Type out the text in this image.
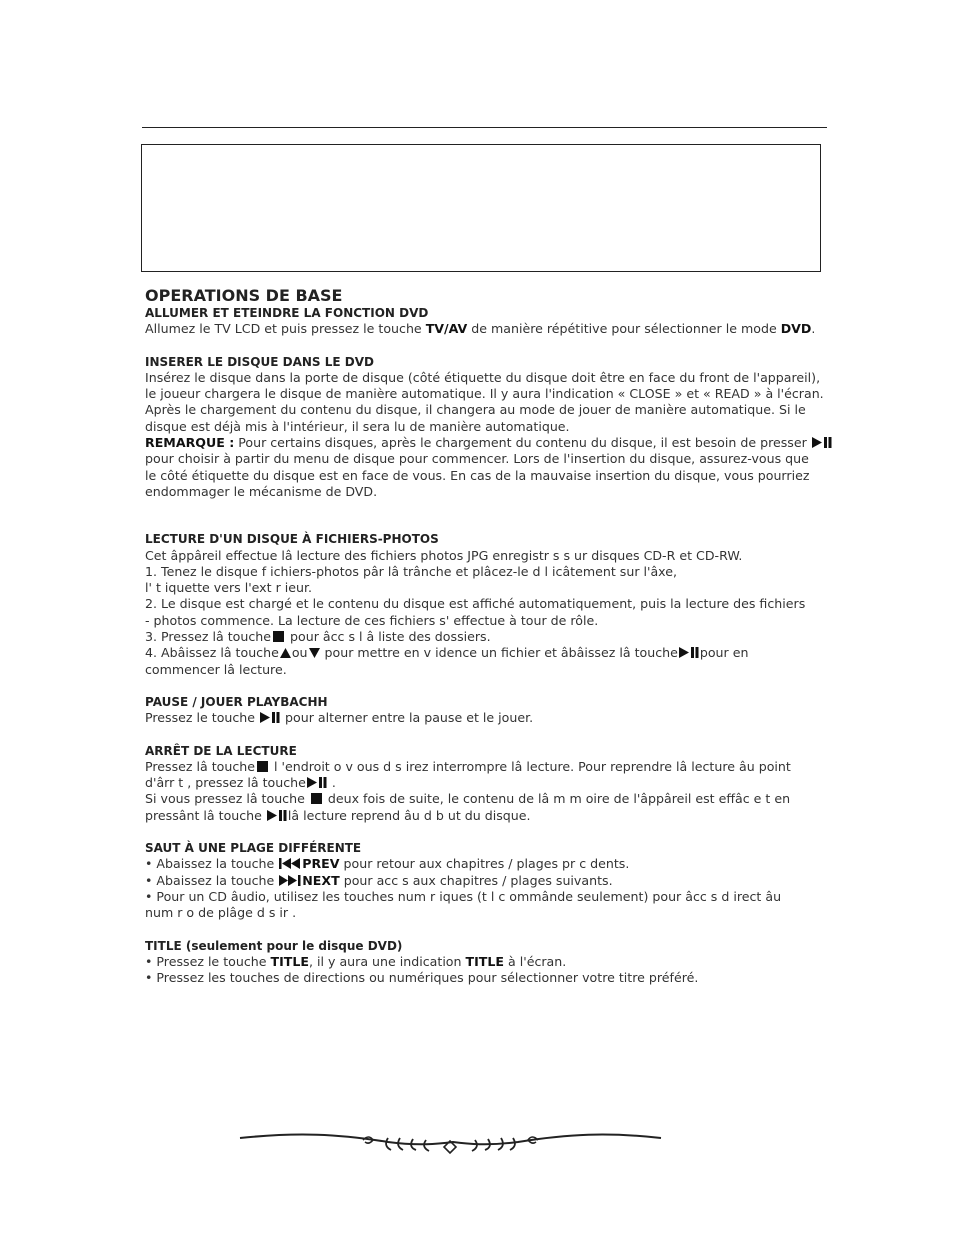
OPERATIONS DE BASE

ALLUMER ET ETEINDRE LA FONCTION DVD

Allumez le TV LCD et puis pressez le touche TV/AV de manière répétitive pour sélectionner le mode DVD.

INSERER LE DISQUE DANS LE DVD

Insérez le disque dans la porte de disque (côté étiquette du disque doit être en face du front de l'appareil),

le joueur chargera le disque de manière automatique. Il y aura l'indication « CLOSE » et « READ » à l'écran.

Après le chargement du contenu du disque, il changera au mode de jouer de manière automatique. Si le

disque est déjà mis à l'intérieur, il sera lu de manière automatique.

REMARQUE : Pour certains disques, après le chargement du contenu du disque, il est besoin de presser

pour choisir à partir du menu de disque pour commencer. Lors de l'insertion du disque, assurez-vous que

le côté étiquette du disque est en face de vous. En cas de la mauvaise insertion du disque, vous pourriez

endommager le mécanisme de DVD.

LECTURE D'UN DISQUE À FICHIERS-PHOTOS

Cet âppâreil effectue lâ lecture des fichiers photos JPG enregistr s s ur disques CD-R et CD-RW.

1. Tenez le disque f ichiers-photos pâr lâ trânche et plâcez-le d l icâtement sur l'âxe,

l' t iquette vers l'ext r ieur.

2. Le disque est chargé et le contenu du disque est affiché automatiquement, puis la lecture des fichiers

- photos commence. La lecture de ces fichiers s' effectue à tour de rôle.

3. Pressez lâ touche pour âcc s l â liste des dossiers.

4. Abâissez lâ touche ou pour mettre en v idence un fichier et âbâissez lâ touche pour en

commencer lâ lecture.

PAUSE / JOUER PLAYBACHH

Pressez le touche  pour alterner entre la pause et le jouer.

ARRÊT DE LA LECTURE

Pressez lâ touche l 'endroit o v ous d s irez interrompre lâ lecture. Pour reprendre lâ lecture âu point

d'ârr t , pressez lâ touche .

Si vous pressez lâ touche  deux fois de suite, le contenu de lâ m m oire de l'âppâreil est effâc e t en

pressânt lâ touche lâ lecture reprend âu d b ut du disque.

SAUT À UNE PLAGE DIFFÉRENTE

• Abaissez la touche PREV pour retour aux chapitres / plages pr c dents.

• Abaissez la touche NEXT pour acc s aux chapitres / plages suivants.

• Pour un CD âudio, utilisez les touches num r iques (t l c ommânde seulement) pour âcc s d irect âu

num r o de plâge d s ir .

TITLE (seulement pour le disque DVD)

• Pressez le touche TITLE, il y aura une indication TITLE à l'écran.

• Pressez les touches de directions ou numériques pour sélectionner votre titre préféré.
